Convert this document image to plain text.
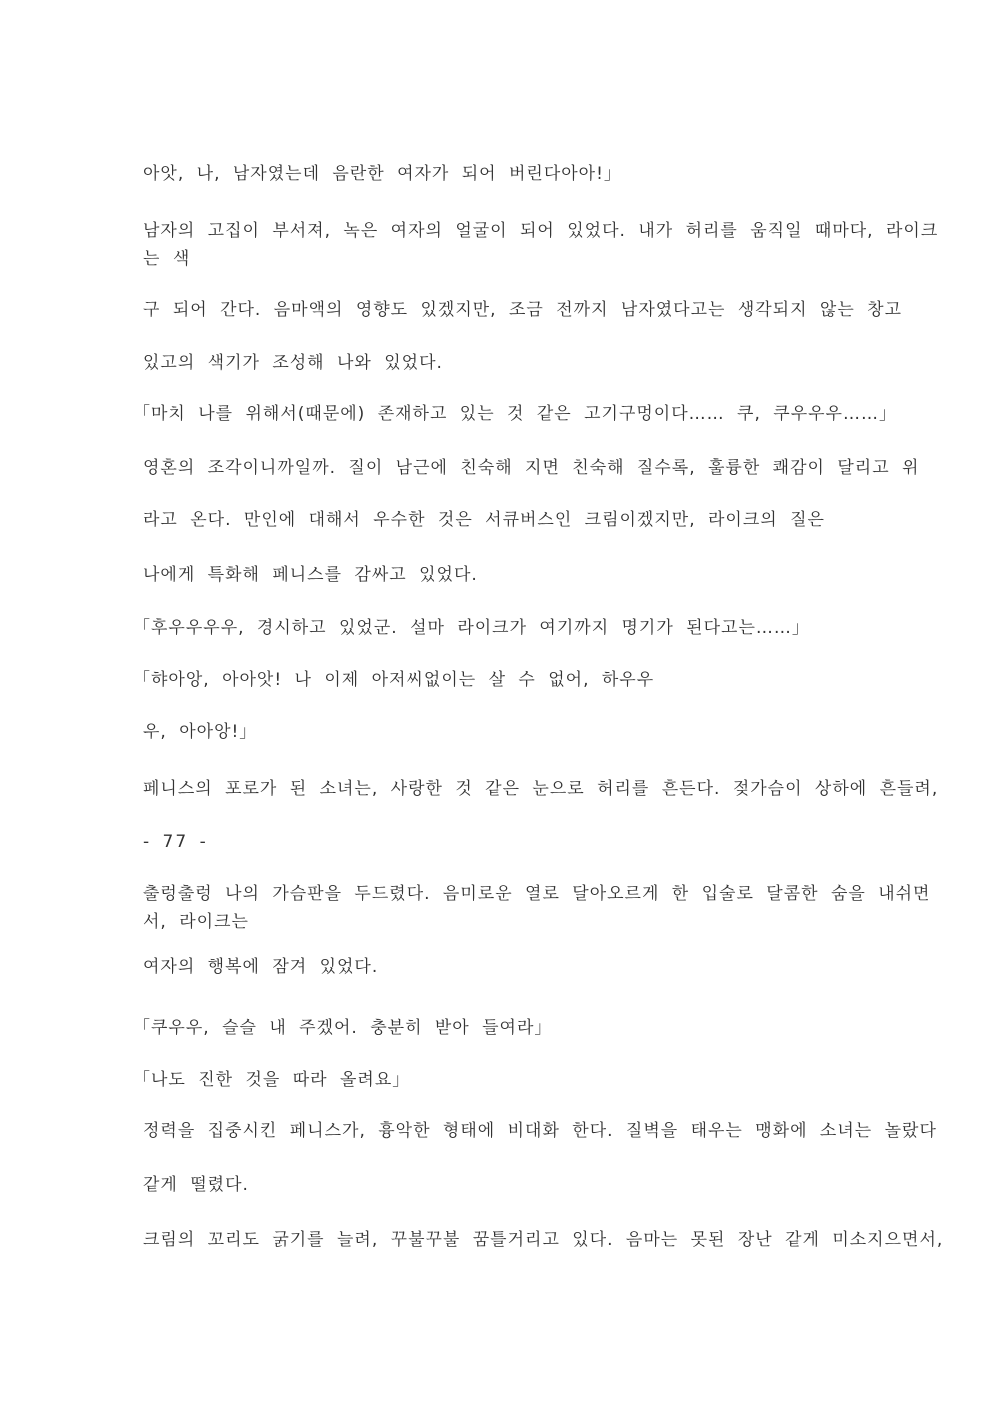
아앗, 나, 남자였는데 음란한 여자가 되어 버린다아아!」
남자의 고집이 부서져, 녹은 여자의 얼굴이 되어 있었다. 내가 허리를 움직일 때마다, 라이크
는 색
구 되어 간다. 음마액의 영향도 있겠지만, 조금 전까지 남자였다고는 생각되지 않는 창고
있고의 색기가 조성해 나와 있었다.
「마치 나를 위해서(때문에) 존재하고 있는 것 같은 고기구멍이다…… 쿠, 쿠우우우……」
영혼의 조각이니까일까. 질이 남근에 친숙해 지면 친숙해 질수록, 훌륭한 쾌감이 달리고 위
라고 온다. 만인에 대해서 우수한 것은 서큐버스인 크림이겠지만, 라이크의 질은
나에게 특화해 페니스를 감싸고 있었다.
「후우우우우, 경시하고 있었군. 설마 라이크가 여기까지 명기가 된다고는……」
「햐아앙, 아아앗! 나 이제 아저씨없이는 살 수 없어, 하우우
우, 아아앙!」
페니스의 포로가 된 소녀는, 사랑한 것 같은 눈으로 허리를 흔든다. 젖가슴이 상하에 흔들려,
- 77 -
출렁출렁 나의 가슴판을 두드렸다. 음미로운 열로 달아오르게 한 입술로 달콤한 숨을 내쉬면
서, 라이크는
여자의 행복에 잠겨 있었다.
「쿠우우, 슬슬 내 주겠어. 충분히 받아 들여라」
「나도 진한 것을 따라 올려요」
정력을 집중시킨 페니스가, 흉악한 형태에 비대화 한다. 질벽을 태우는 맹화에 소녀는 놀랐다
같게 떨렸다.
크림의 꼬리도 굵기를 늘려, 꾸불꾸불 꿈틀거리고 있다. 음마는 못된 장난 같게 미소지으면서,
